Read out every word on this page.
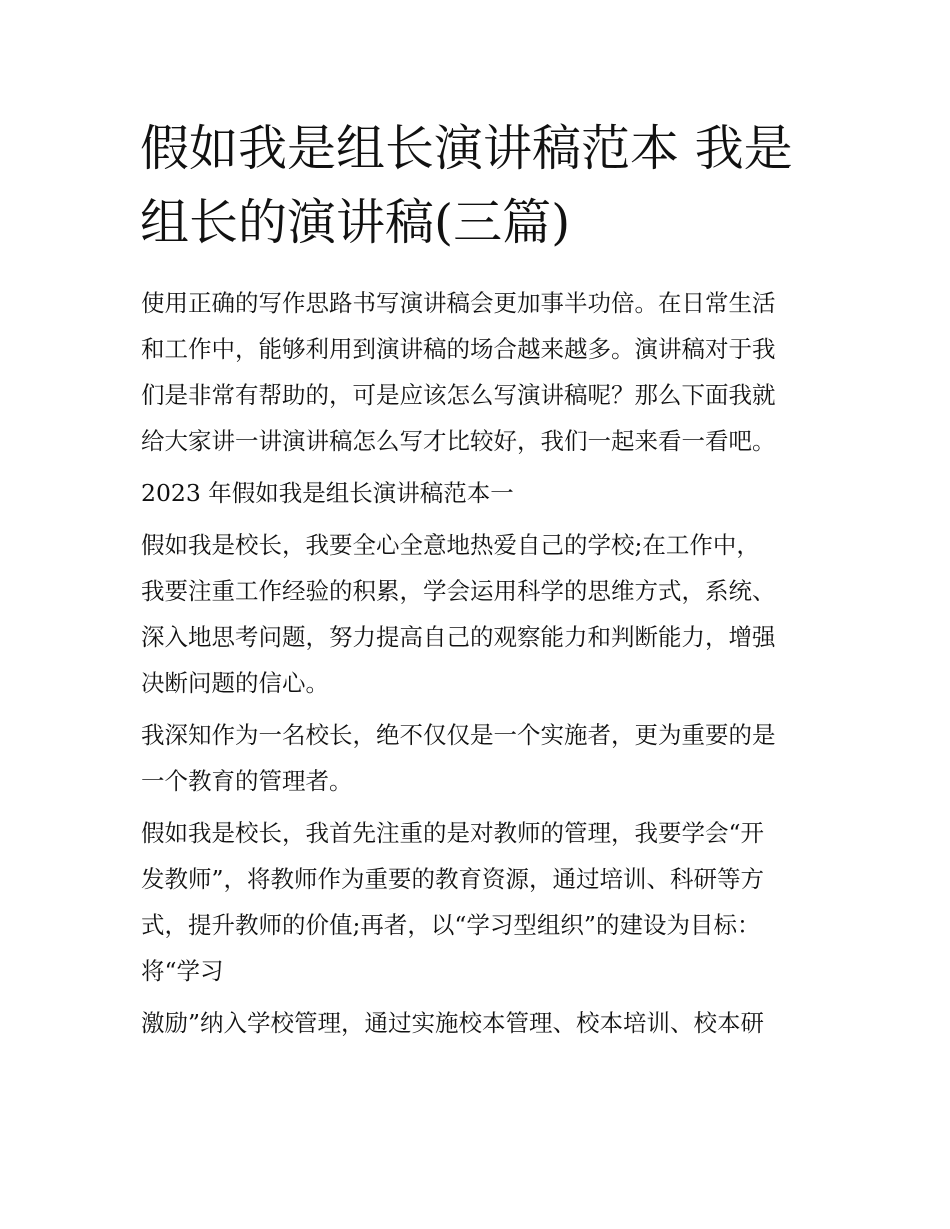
假如我是组长演讲稿范本 我是
组长的演讲稿(三篇)

使用正确的写作思路书写演讲稿会更加事半功倍。在日常生活
和工作中，能够利用到演讲稿的场合越来越多。演讲稿对于我
们是非常有帮助的，可是应该怎么写演讲稿呢？那么下面我就
给大家讲一讲演讲稿怎么写才比较好，我们一起来看一看吧。

2023 年假如我是组长演讲稿范本一

假如我是校长，我要全心全意地热爱自己的学校;在工作中，
我要注重工作经验的积累，学会运用科学的思维方式，系统、
深入地思考问题，努力提高自己的观察能力和判断能力，增强
决断问题的信心。

我深知作为一名校长，绝不仅仅是一个实施者，更为重要的是
一个教育的管理者。

假如我是校长，我首先注重的是对教师的管理，我要学会“开
发教师”，将教师作为重要的教育资源，通过培训、科研等方
式，提升教师的价值;再者，以“学习型组织”的建设为目标：
将“学习

激励”纳入学校管理，通过实施校本管理、校本培训、校本研
